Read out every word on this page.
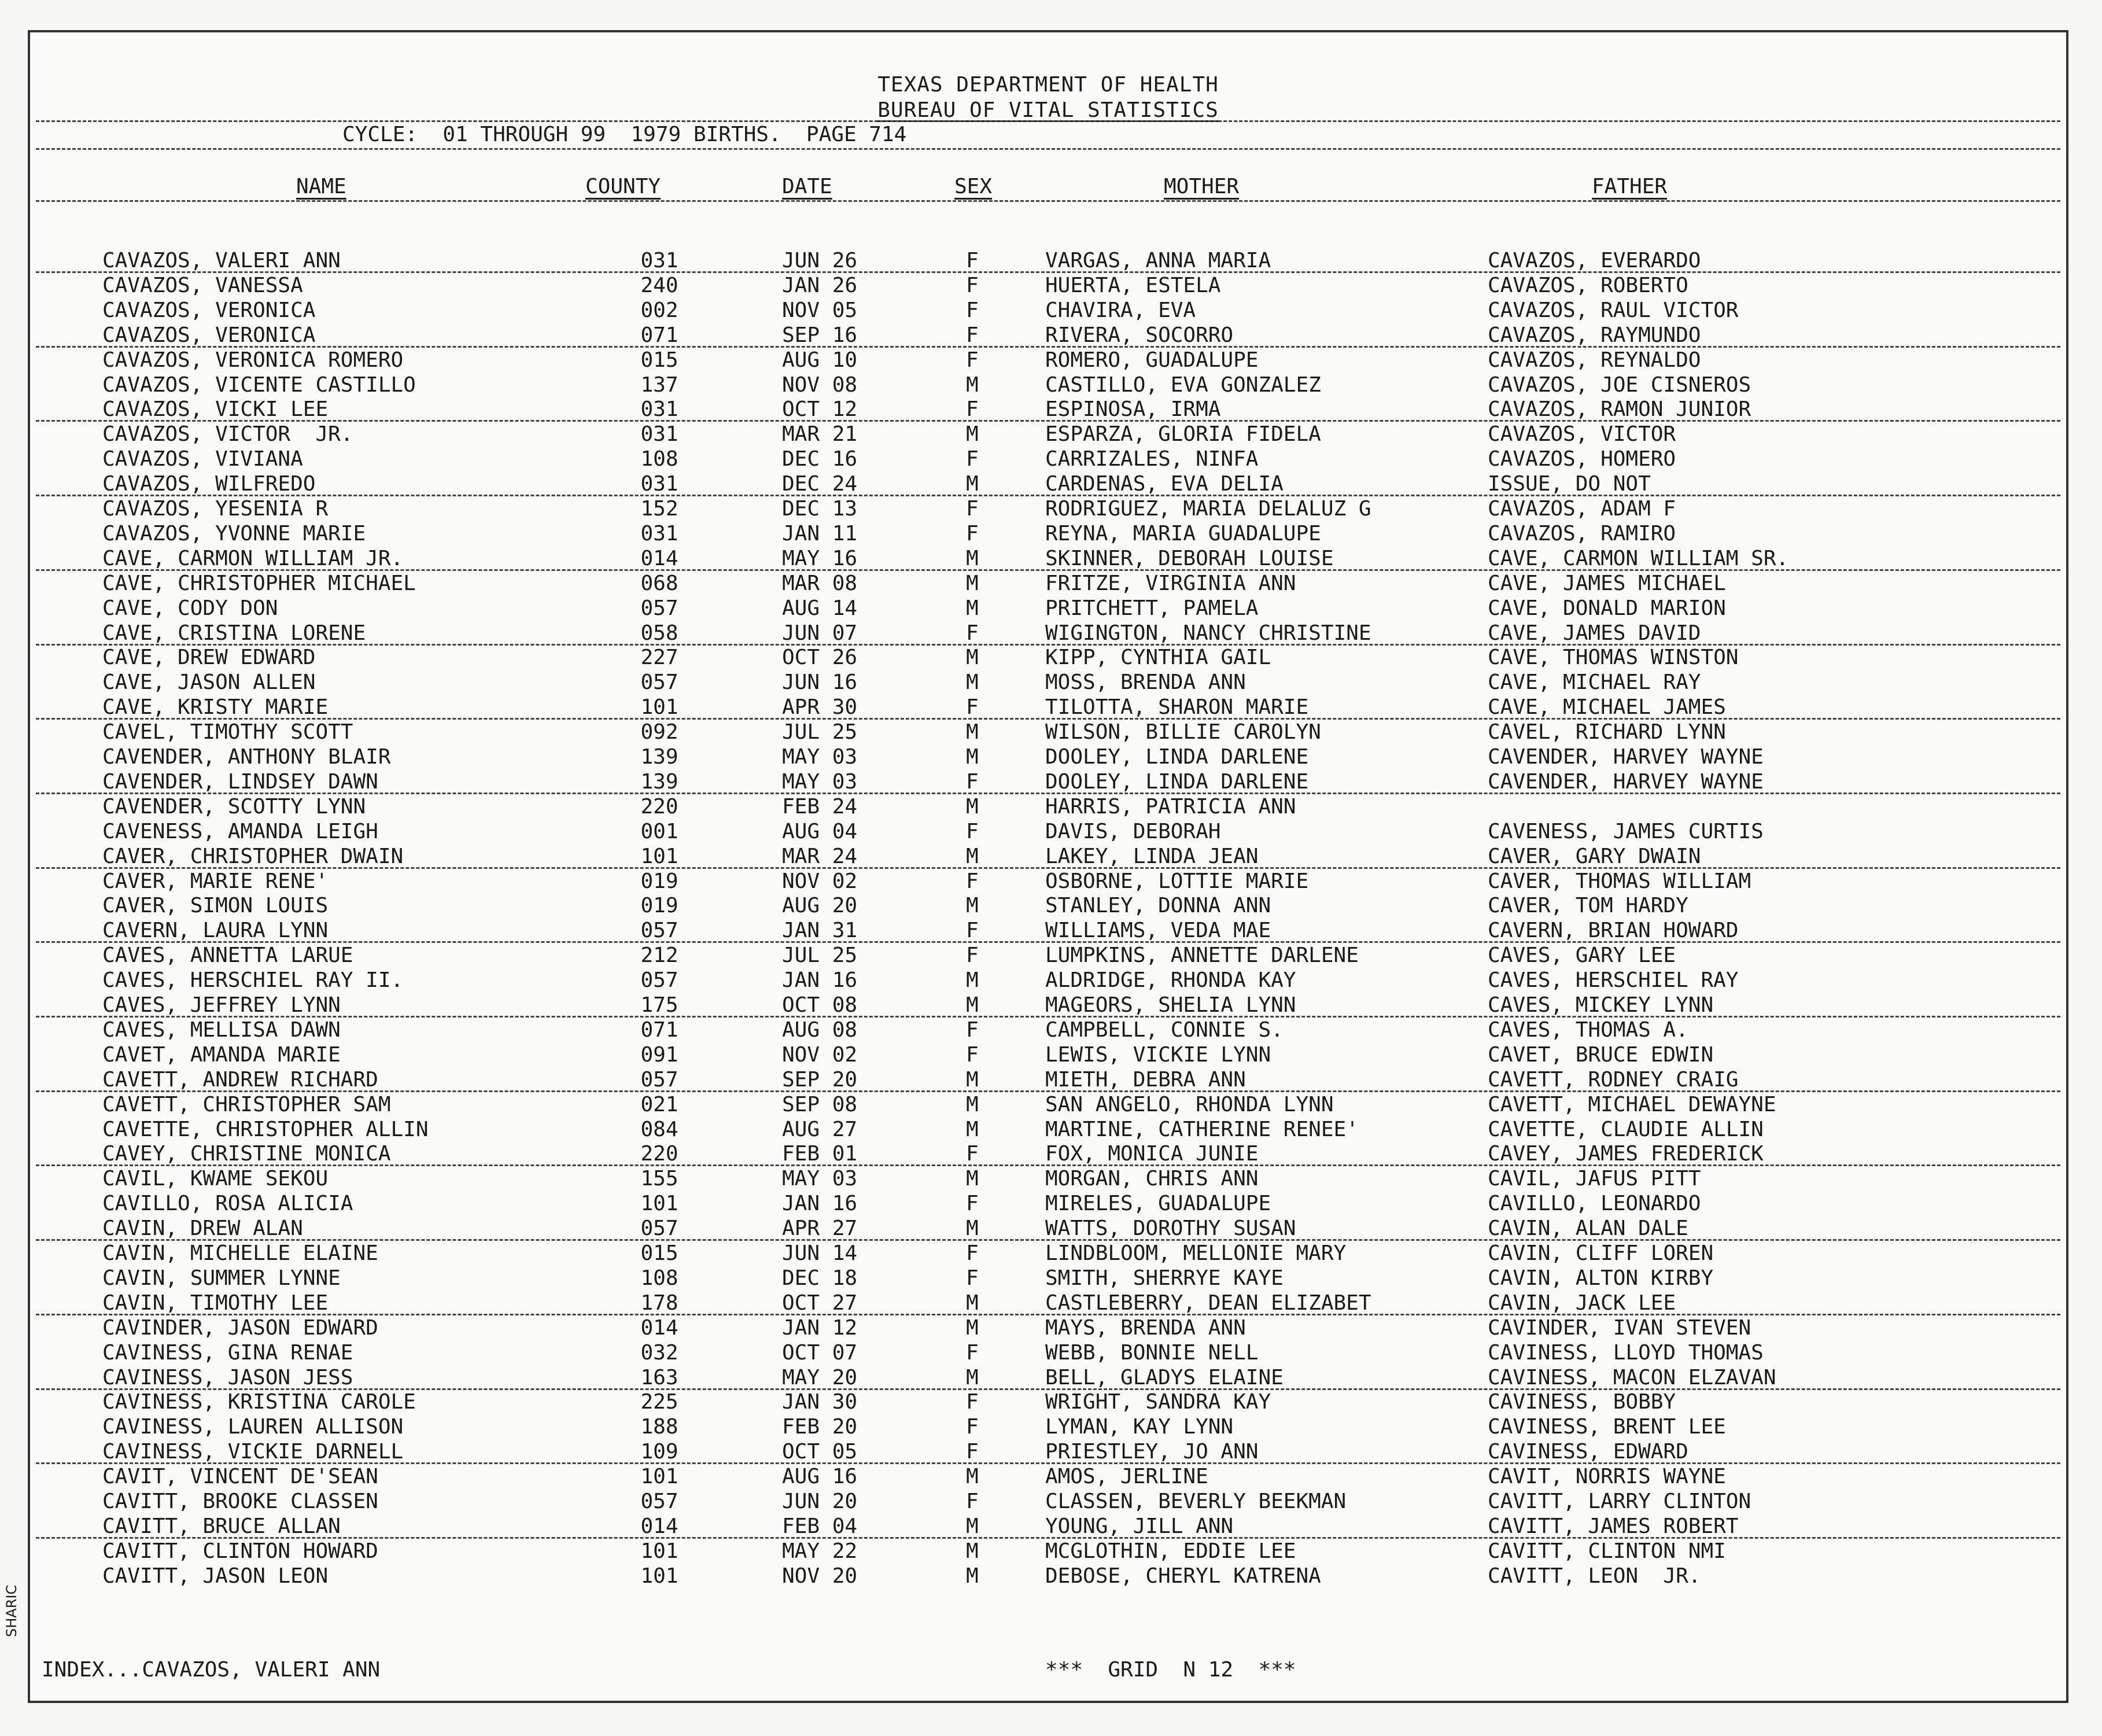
SHARIC
TEXAS DEPARTMENT OF HEALTH
BUREAU OF VITAL STATISTICS
CYCLE:  01 THROUGH 99  1979 BIRTHS.  PAGE 714
NAME	COUNTY	DATE	SEX	MOTHER	FATHER
CAVAZOS, VALERI ANN	031	JUN 26	F	VARGAS, ANNA MARIA	CAVAZOS, EVERARDO
CAVAZOS, VANESSA	240	JAN 26	F	HUERTA, ESTELA	CAVAZOS, ROBERTO
CAVAZOS, VERONICA	002	NOV 05	F	CHAVIRA, EVA	CAVAZOS, RAUL VICTOR
CAVAZOS, VERONICA	071	SEP 16	F	RIVERA, SOCORRO	CAVAZOS, RAYMUNDO
CAVAZOS, VERONICA ROMERO	015	AUG 10	F	ROMERO, GUADALUPE	CAVAZOS, REYNALDO
CAVAZOS, VICENTE CASTILLO	137	NOV 08	M	CASTILLO, EVA GONZALEZ	CAVAZOS, JOE CISNEROS
CAVAZOS, VICKI LEE	031	OCT 12	F	ESPINOSA, IRMA	CAVAZOS, RAMON JUNIOR
CAVAZOS, VICTOR  JR.	031	MAR 21	M	ESPARZA, GLORIA FIDELA	CAVAZOS, VICTOR
CAVAZOS, VIVIANA	108	DEC 16	F	CARRIZALES, NINFA	CAVAZOS, HOMERO
CAVAZOS, WILFREDO	031	DEC 24	M	CARDENAS, EVA DELIA	ISSUE, DO NOT
CAVAZOS, YESENIA R	152	DEC 13	F	RODRIGUEZ, MARIA DELALUZ G	CAVAZOS, ADAM F
CAVAZOS, YVONNE MARIE	031	JAN 11	F	REYNA, MARIA GUADALUPE	CAVAZOS, RAMIRO
CAVE, CARMON WILLIAM JR.	014	MAY 16	M	SKINNER, DEBORAH LOUISE	CAVE, CARMON WILLIAM SR.
CAVE, CHRISTOPHER MICHAEL	068	MAR 08	M	FRITZE, VIRGINIA ANN	CAVE, JAMES MICHAEL
CAVE, CODY DON	057	AUG 14	M	PRITCHETT, PAMELA	CAVE, DONALD MARION
CAVE, CRISTINA LORENE	058	JUN 07	F	WIGINGTON, NANCY CHRISTINE	CAVE, JAMES DAVID
CAVE, DREW EDWARD	227	OCT 26	M	KIPP, CYNTHIA GAIL	CAVE, THOMAS WINSTON
CAVE, JASON ALLEN	057	JUN 16	M	MOSS, BRENDA ANN	CAVE, MICHAEL RAY
CAVE, KRISTY MARIE	101	APR 30	F	TILOTTA, SHARON MARIE	CAVE, MICHAEL JAMES
CAVEL, TIMOTHY SCOTT	092	JUL 25	M	WILSON, BILLIE CAROLYN	CAVEL, RICHARD LYNN
CAVENDER, ANTHONY BLAIR	139	MAY 03	M	DOOLEY, LINDA DARLENE	CAVENDER, HARVEY WAYNE
CAVENDER, LINDSEY DAWN	139	MAY 03	F	DOOLEY, LINDA DARLENE	CAVENDER, HARVEY WAYNE
CAVENDER, SCOTTY LYNN	220	FEB 24	M	HARRIS, PATRICIA ANN
CAVENESS, AMANDA LEIGH	001	AUG 04	F	DAVIS, DEBORAH	CAVENESS, JAMES CURTIS
CAVER, CHRISTOPHER DWAIN	101	MAR 24	M	LAKEY, LINDA JEAN	CAVER, GARY DWAIN
CAVER, MARIE RENE'	019	NOV 02	F	OSBORNE, LOTTIE MARIE	CAVER, THOMAS WILLIAM
CAVER, SIMON LOUIS	019	AUG 20	M	STANLEY, DONNA ANN	CAVER, TOM HARDY
CAVERN, LAURA LYNN	057	JAN 31	F	WILLIAMS, VEDA MAE	CAVERN, BRIAN HOWARD
CAVES, ANNETTA LARUE	212	JUL 25	F	LUMPKINS, ANNETTE DARLENE	CAVES, GARY LEE
CAVES, HERSCHIEL RAY II.	057	JAN 16	M	ALDRIDGE, RHONDA KAY	CAVES, HERSCHIEL RAY
CAVES, JEFFREY LYNN	175	OCT 08	M	MAGEORS, SHELIA LYNN	CAVES, MICKEY LYNN
CAVES, MELLISA DAWN	071	AUG 08	F	CAMPBELL, CONNIE S.	CAVES, THOMAS A.
CAVET, AMANDA MARIE	091	NOV 02	F	LEWIS, VICKIE LYNN	CAVET, BRUCE EDWIN
CAVETT, ANDREW RICHARD	057	SEP 20	M	MIETH, DEBRA ANN	CAVETT, RODNEY CRAIG
CAVETT, CHRISTOPHER SAM	021	SEP 08	M	SAN ANGELO, RHONDA LYNN	CAVETT, MICHAEL DEWAYNE
CAVETTE, CHRISTOPHER ALLIN	084	AUG 27	M	MARTINE, CATHERINE RENEE'	CAVETTE, CLAUDIE ALLIN
CAVEY, CHRISTINE MONICA	220	FEB 01	F	FOX, MONICA JUNIE	CAVEY, JAMES FREDERICK
CAVIL, KWAME SEKOU	155	MAY 03	M	MORGAN, CHRIS ANN	CAVIL, JAFUS PITT
CAVILLO, ROSA ALICIA	101	JAN 16	F	MIRELES, GUADALUPE	CAVILLO, LEONARDO
CAVIN, DREW ALAN	057	APR 27	M	WATTS, DOROTHY SUSAN	CAVIN, ALAN DALE
CAVIN, MICHELLE ELAINE	015	JUN 14	F	LINDBLOOM, MELLONIE MARY	CAVIN, CLIFF LOREN
CAVIN, SUMMER LYNNE	108	DEC 18	F	SMITH, SHERRYE KAYE	CAVIN, ALTON KIRBY
CAVIN, TIMOTHY LEE	178	OCT 27	M	CASTLEBERRY, DEAN ELIZABET	CAVIN, JACK LEE
CAVINDER, JASON EDWARD	014	JAN 12	M	MAYS, BRENDA ANN	CAVINDER, IVAN STEVEN
CAVINESS, GINA RENAE	032	OCT 07	F	WEBB, BONNIE NELL	CAVINESS, LLOYD THOMAS
CAVINESS, JASON JESS	163	MAY 20	M	BELL, GLADYS ELAINE	CAVINESS, MACON ELZAVAN
CAVINESS, KRISTINA CAROLE	225	JAN 30	F	WRIGHT, SANDRA KAY	CAVINESS, BOBBY
CAVINESS, LAUREN ALLISON	188	FEB 20	F	LYMAN, KAY LYNN	CAVINESS, BRENT LEE
CAVINESS, VICKIE DARNELL	109	OCT 05	F	PRIESTLEY, JO ANN	CAVINESS, EDWARD
CAVIT, VINCENT DE'SEAN	101	AUG 16	M	AMOS, JERLINE	CAVIT, NORRIS WAYNE
CAVITT, BROOKE CLASSEN	057	JUN 20	F	CLASSEN, BEVERLY BEEKMAN	CAVITT, LARRY CLINTON
CAVITT, BRUCE ALLAN	014	FEB 04	M	YOUNG, JILL ANN	CAVITT, JAMES ROBERT
CAVITT, CLINTON HOWARD	101	MAY 22	M	MCGLOTHIN, EDDIE LEE	CAVITT, CLINTON NMI
CAVITT, JASON LEON	101	NOV 20	M	DEBOSE, CHERYL KATRENA	CAVITT, LEON  JR.
INDEX...CAVAZOS, VALERI ANN	***  GRID  N 12  ***
